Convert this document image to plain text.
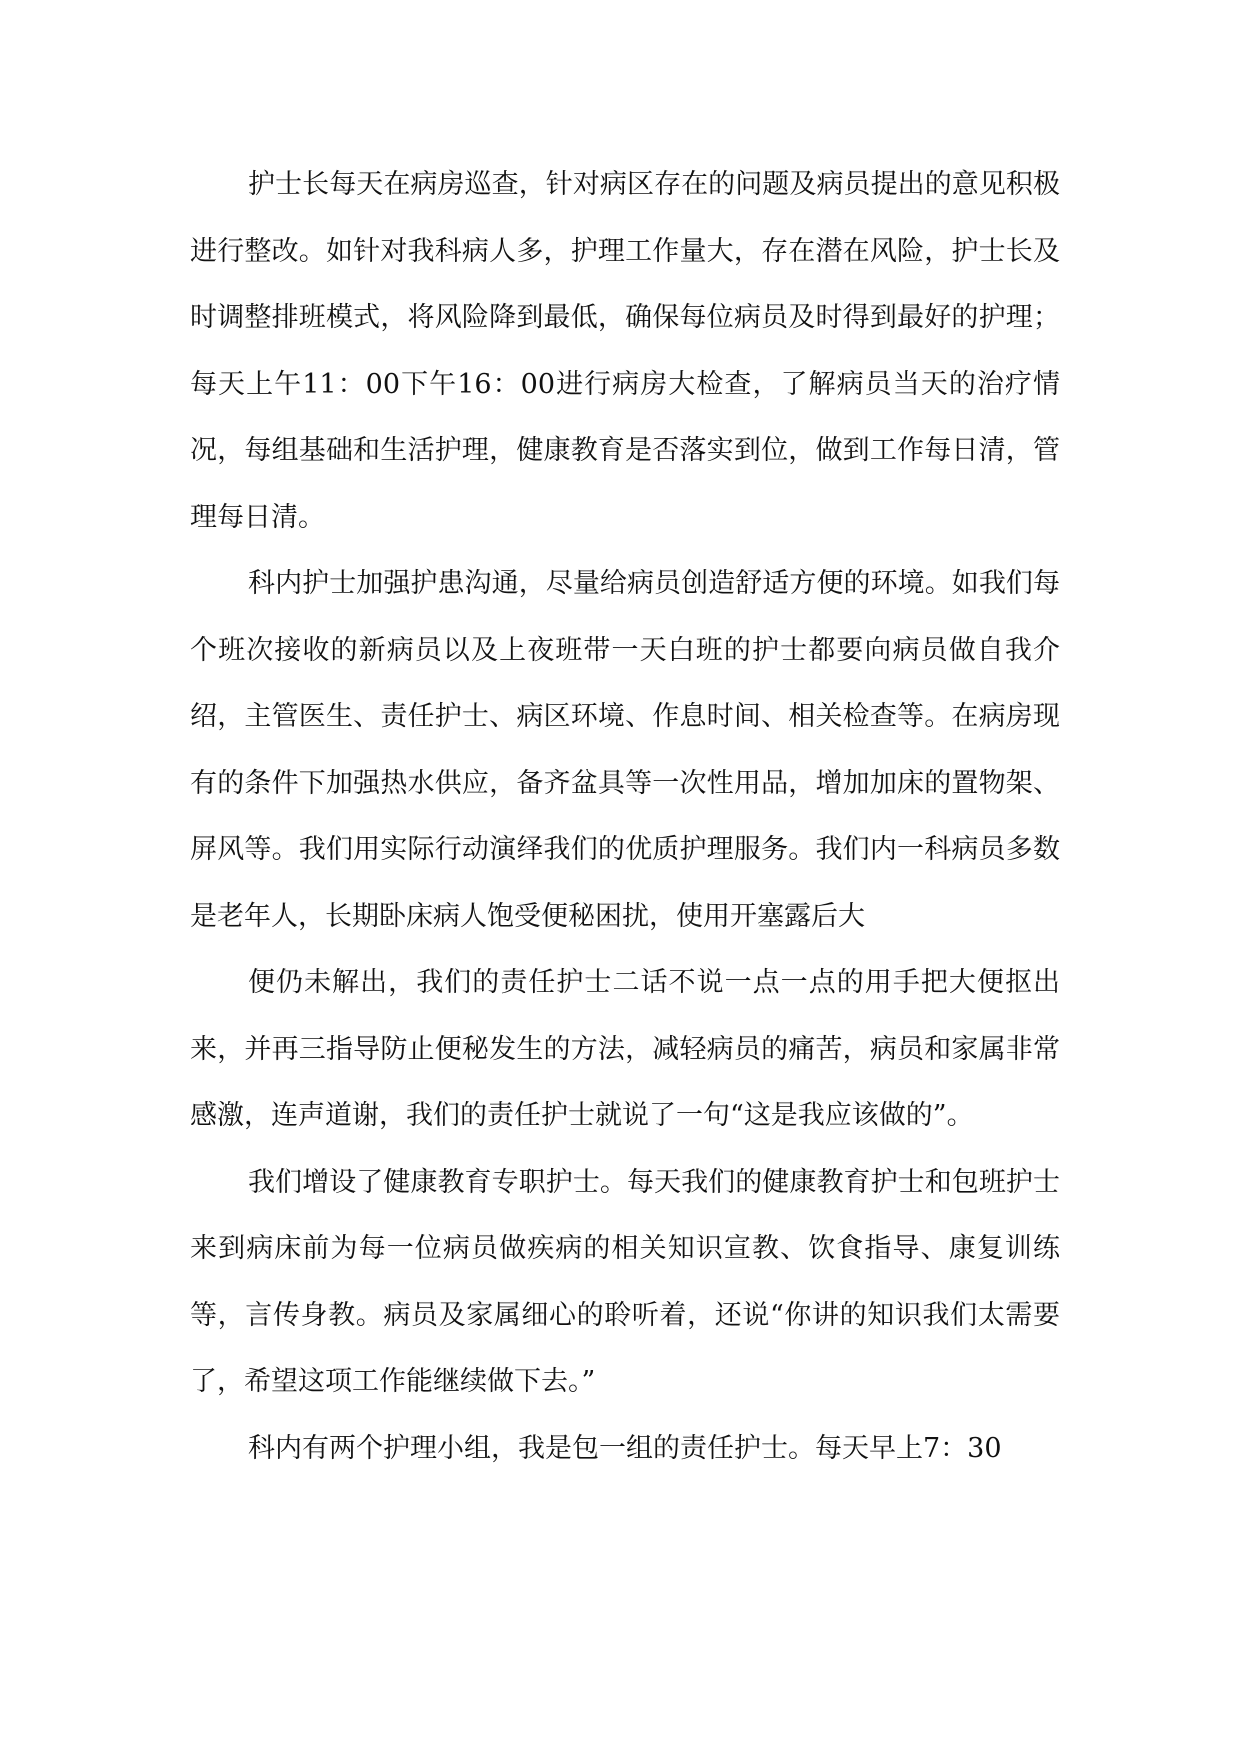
护士长每天在病房巡查，针对病区存在的问题及病员提出的意见积极进行整改。如针对我科病人多，护理工作量大，存在潜在风险，护士长及时调整排班模式，将风险降到最低，确保每位病员及时得到最好的护理；每天上午11：00下午16：00进行病房大检查，了解病员当天的治疗情况，每组基础和生活护理，健康教育是否落实到位，做到工作每日清，管理每日清。

科内护士加强护患沟通，尽量给病员创造舒适方便的环境。如我们每个班次接收的新病员以及上夜班带一天白班的护士都要向病员做自我介绍，主管医生、责任护士、病区环境、作息时间、相关检查等。在病房现有的条件下加强热水供应，备齐盆具等一次性用品，增加加床的置物架、屏风等。我们用实际行动演绎我们的优质护理服务。我们内一科病员多数是老年人，长期卧床病人饱受便秘困扰，使用开塞露后大

便仍未解出，我们的责任护士二话不说一点一点的用手把大便抠出来，并再三指导防止便秘发生的方法，减轻病员的痛苦，病员和家属非常感激，连声道谢，我们的责任护士就说了一句“这是我应该做的”。

我们增设了健康教育专职护士。每天我们的健康教育护士和包班护士来到病床前为每一位病员做疾病的相关知识宣教、饮食指导、康复训练等，言传身教。病员及家属细心的聆听着，还说“你讲的知识我们太需要了，希望这项工作能继续做下去。”

科内有两个护理小组，我是包一组的责任护士。每天早上7：30
